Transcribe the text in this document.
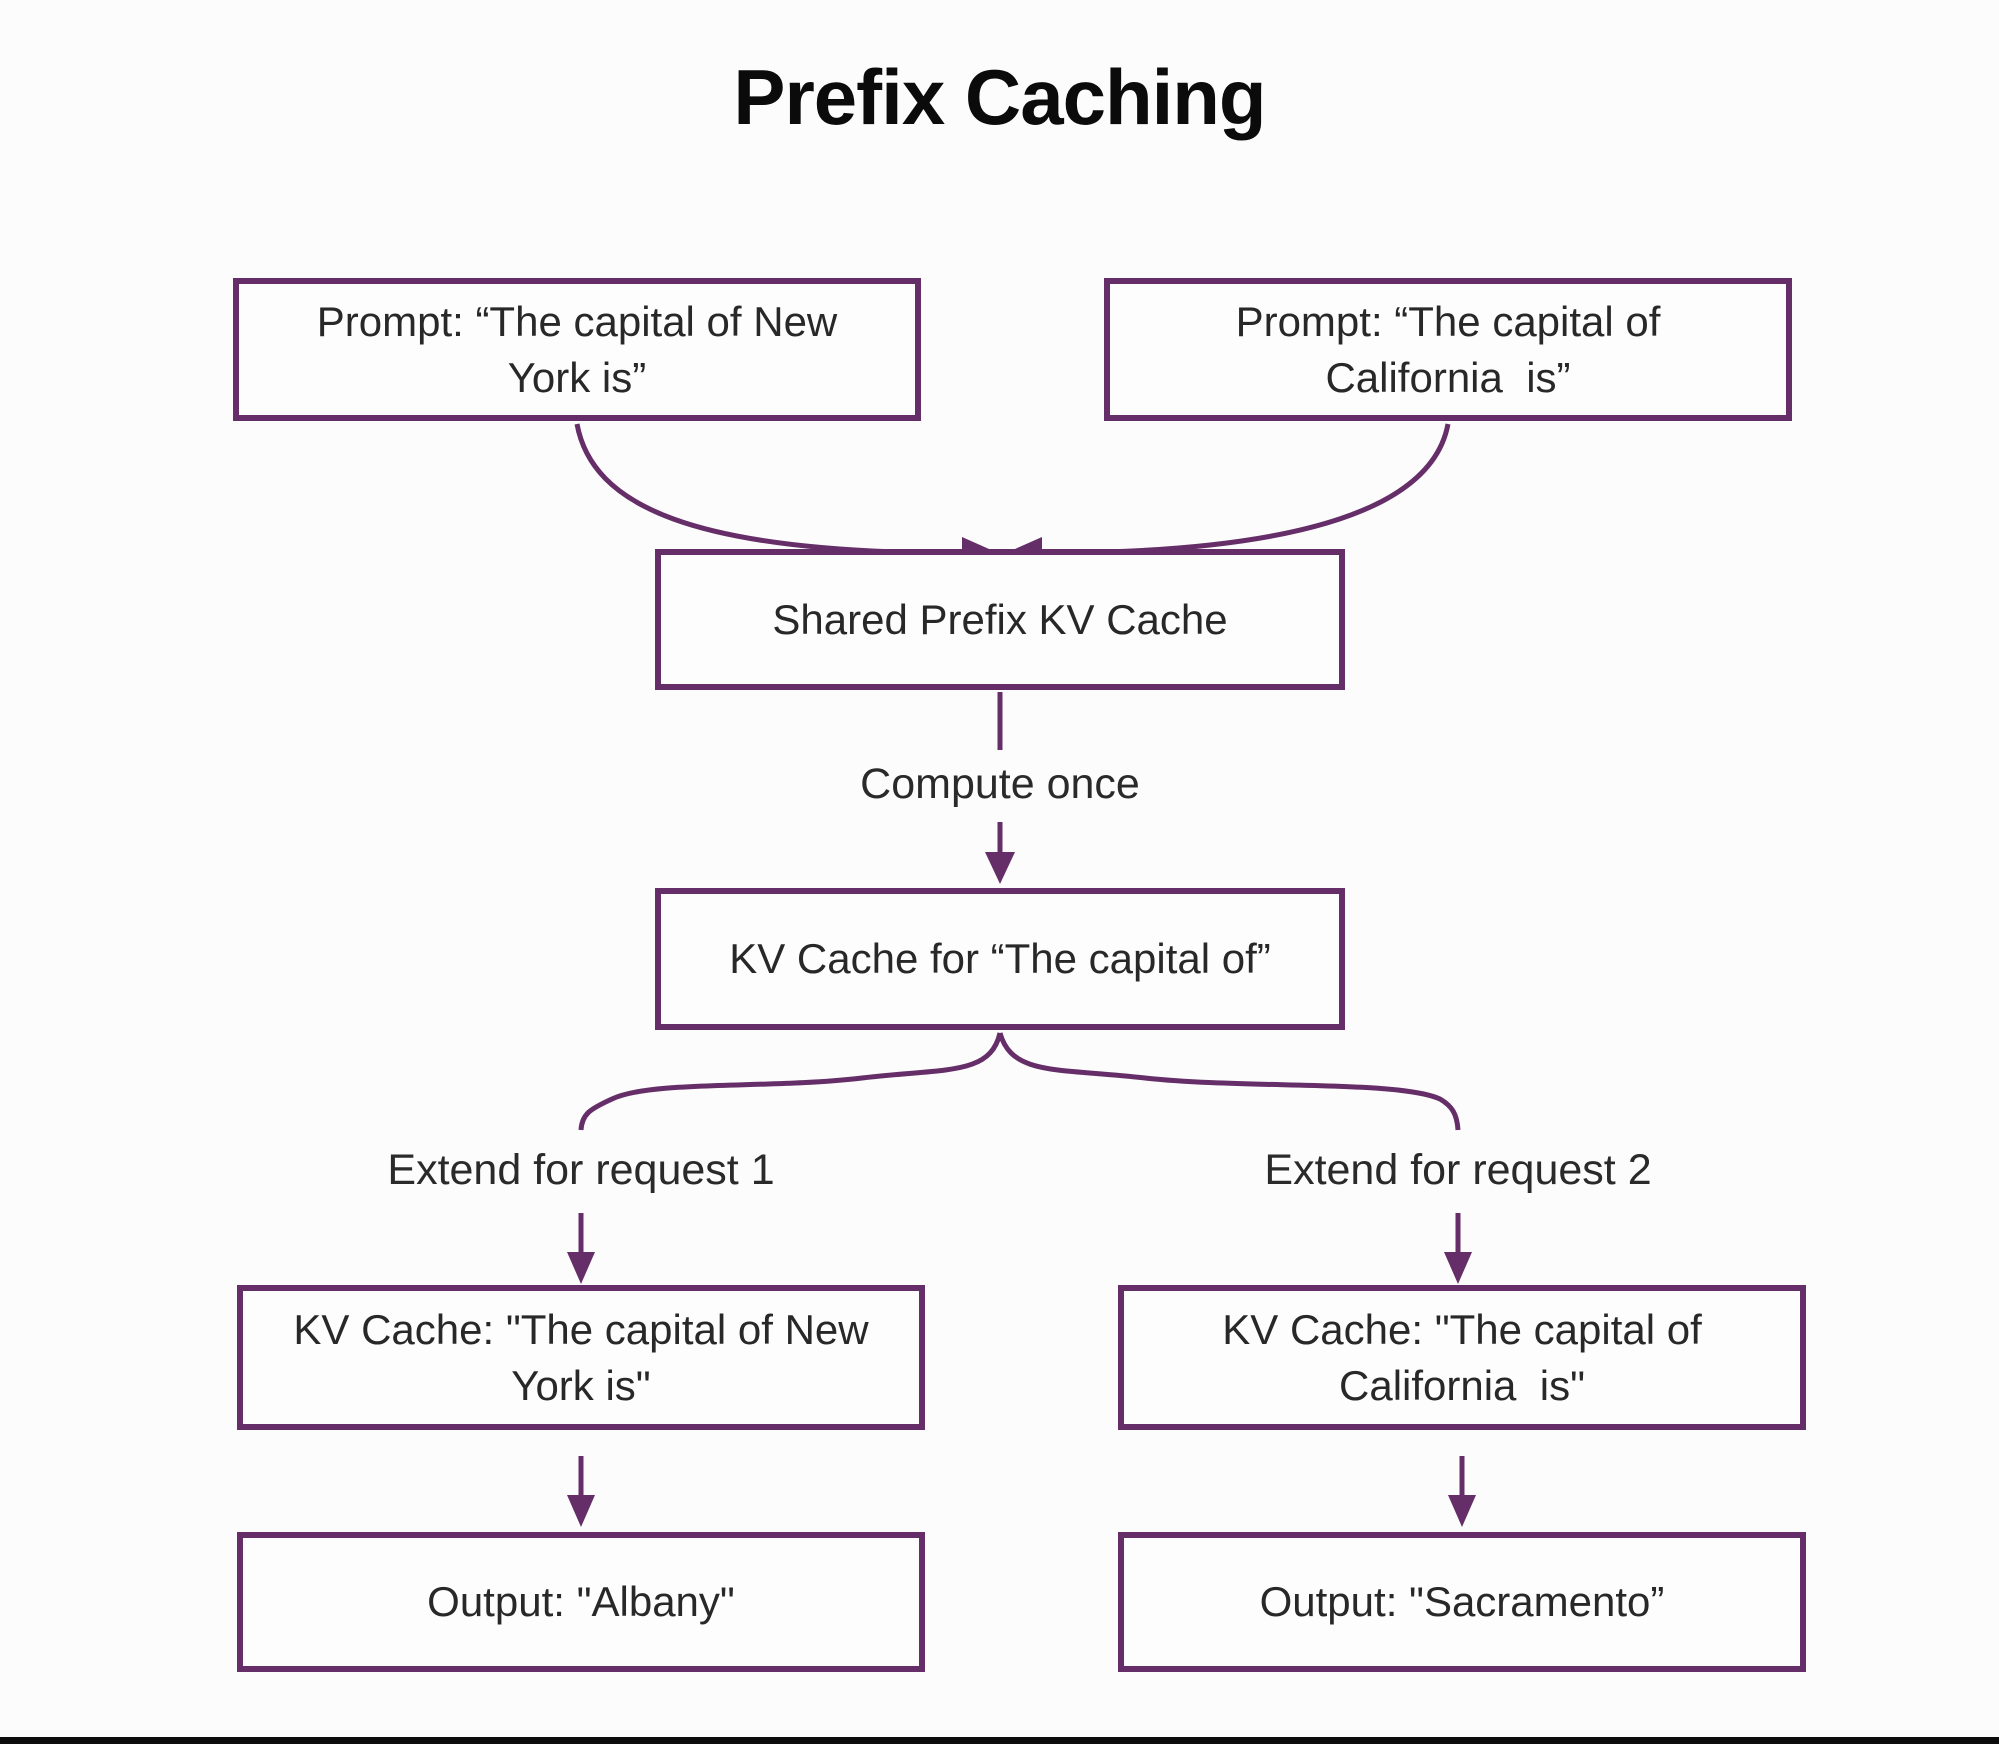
Prefix Caching
Prompt: “The capital of New
York is”
Prompt: “The capital of
California  is”
Shared Prefix KV Cache
KV Cache for “The capital of”
KV Cache: "The capital of New
York is"
KV Cache: "The capital of
California  is"
Output: "Albany"	Output: "Sacramento”
Compute once
Extend for request 1	Extend for request 2
